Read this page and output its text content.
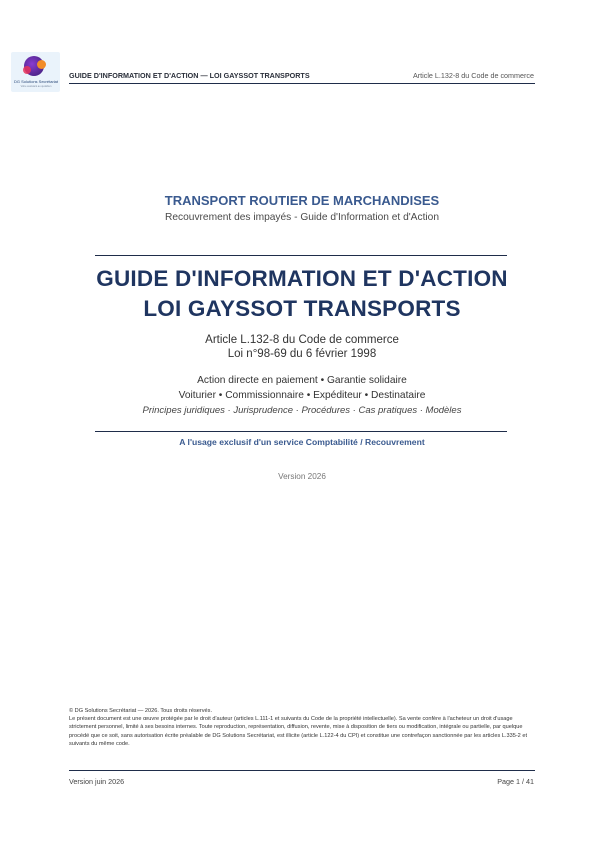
DG Solutions Secrétariat
Votre assistant au quotidien
GUIDE D'INFORMATION ET D'ACTION — LOI GAYSSOT TRANSPORTS	Article L.132-8 du Code de commerce
TRANSPORT ROUTIER DE MARCHANDISES
Recouvrement des impayés - Guide d'Information et d'Action
GUIDE D'INFORMATION ET D'ACTION
LOI GAYSSOT TRANSPORTS
Article L.132-8 du Code de commerce
Loi n°98-69 du 6 février 1998
Action directe en paiement • Garantie solidaire
Voiturier • Commissionnaire • Expéditeur • Destinataire
Principes juridiques · Jurisprudence · Procédures · Cas pratiques · Modèles
A l'usage exclusif d'un service Comptabilité / Recouvrement
Version 2026

© DG Solutions Secrétariat — 2026. Tous droits réservés.

Le présent document est une œuvre protégée par le droit d'auteur (articles L.111-1 et suivants du Code de la propriété intellectuelle). Sa vente confère à l'acheteur un droit d'usage strictement personnel, limité à ses besoins internes. Toute reproduction, représentation, diffusion, revente, mise à disposition de tiers ou modification, intégrale ou partielle, par quelque procédé que ce soit, sans autorisation écrite préalable de DG Solutions Secrétariat, est illicite (article L.122-4 du CPI) et constitue une contrefaçon sanctionnée par les articles L.335-2 et suivants du même code.

Version juin 2026	Page 1 / 41
